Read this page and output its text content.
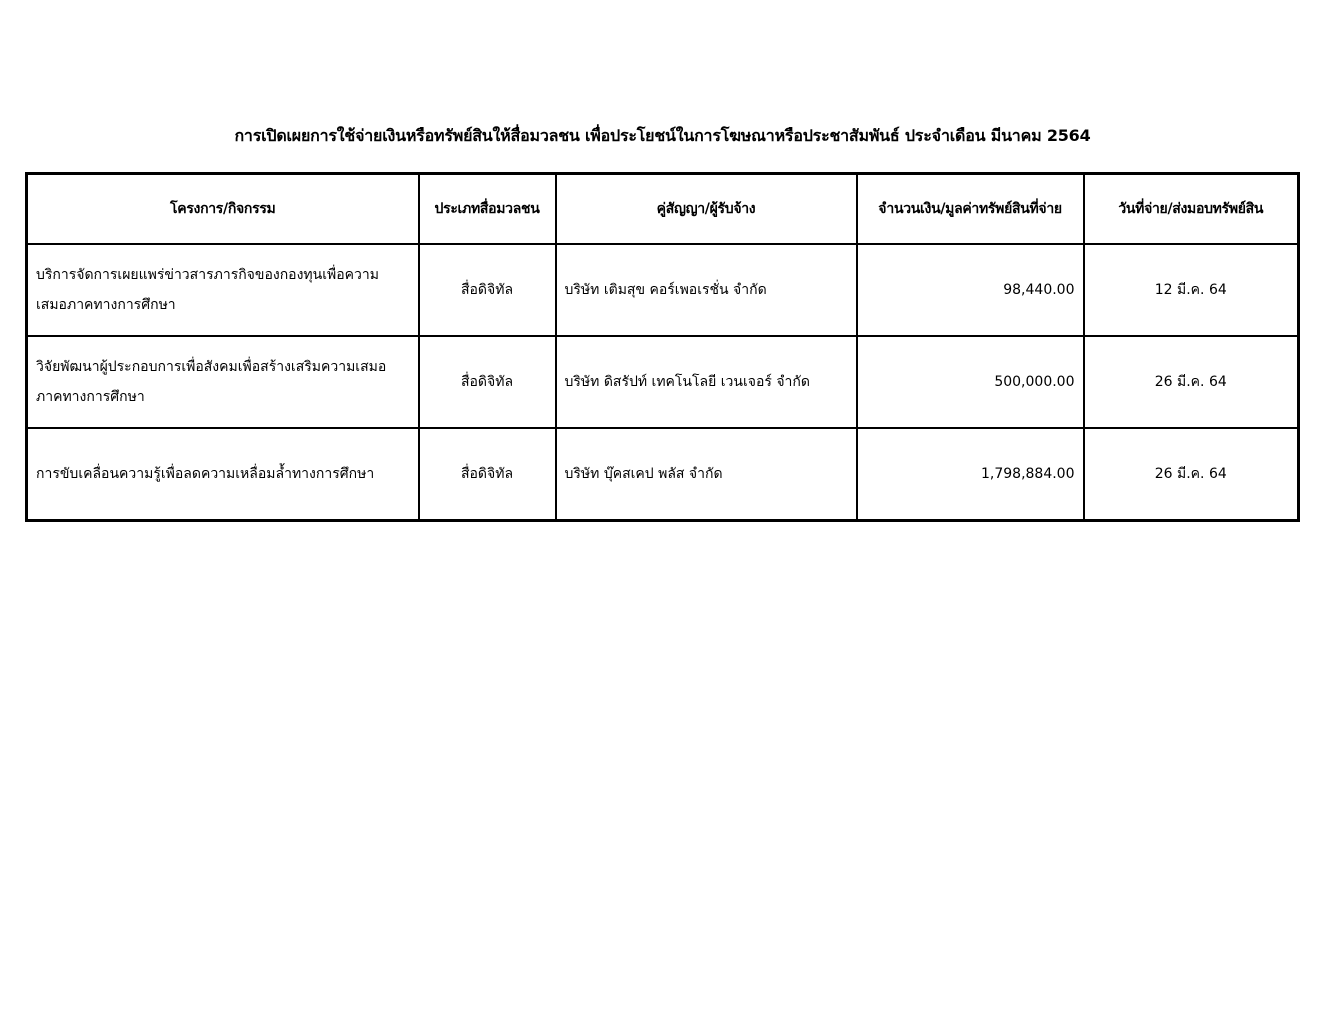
การเปิดเผยการใช้จ่ายเงินหรือทรัพย์สินให้สื่อมวลชน เพื่อประโยชน์ในการโฆษณาหรือประชาสัมพันธ์ ประจำเดือน มีนาคม 2564
โครงการ/กิจกรรม	ประเภทสื่อมวลชน	คู่สัญญา/ผู้รับจ้าง	จำนวนเงิน/มูลค่าทรัพย์สินที่จ่าย	วันที่จ่าย/ส่งมอบทรัพย์สิน
บริการจัดการเผยแพร่ข่าวสารภารกิจของกองทุนเพื่อความเสมอภาคทางการศึกษา	สื่อดิจิทัล	บริษัท เติมสุข คอร์เพอเรชั่น จำกัด	98,440.00	12 มี.ค. 64
วิจัยพัฒนาผู้ประกอบการเพื่อสังคมเพื่อสร้างเสริมความเสมอภาคทางการศึกษา	สื่อดิจิทัล	บริษัท ดิสรัปท์ เทคโนโลยี เวนเจอร์ จำกัด	500,000.00	26 มี.ค. 64
การขับเคลื่อนความรู้เพื่อลดความเหลื่อมล้ำทางการศึกษา	สื่อดิจิทัล	บริษัท บุ๊คสเคป พลัส จำกัด	1,798,884.00	26 มี.ค. 64
